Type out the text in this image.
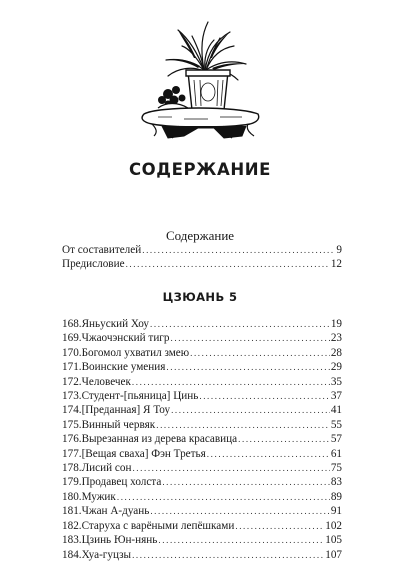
СОДЕРЖАНИЕ
Содержание
От составителей .....	9
Предисловие .....	12
ЦЗЮАНЬ 5
168. Яньуский Хоу .....	19
169. Чжаочэнский тигр .....	23
170. Богомол ухватил змею .....	28
171. Воинские умения .....	29
172. Человечек .....	35
173. Студент-[пьяница] Цинь .....	37
174. [Преданная] Я Тоу .....	41
175. Винный червяк .....	55
176. Вырезанная из дерева красавица .....	57
177. [Вещая сваха] Фэн Третья .....	61
178. Лисий сон .....	75
179. Продавец холста .....	83
180. Мужик .....	89
181. Чжан А-дуань .....	91
182. Старуха с варёными лепёшками .....	102
183. Цзинь Юн-нянь .....	105
184. Хуа-гуцзы .....	107
